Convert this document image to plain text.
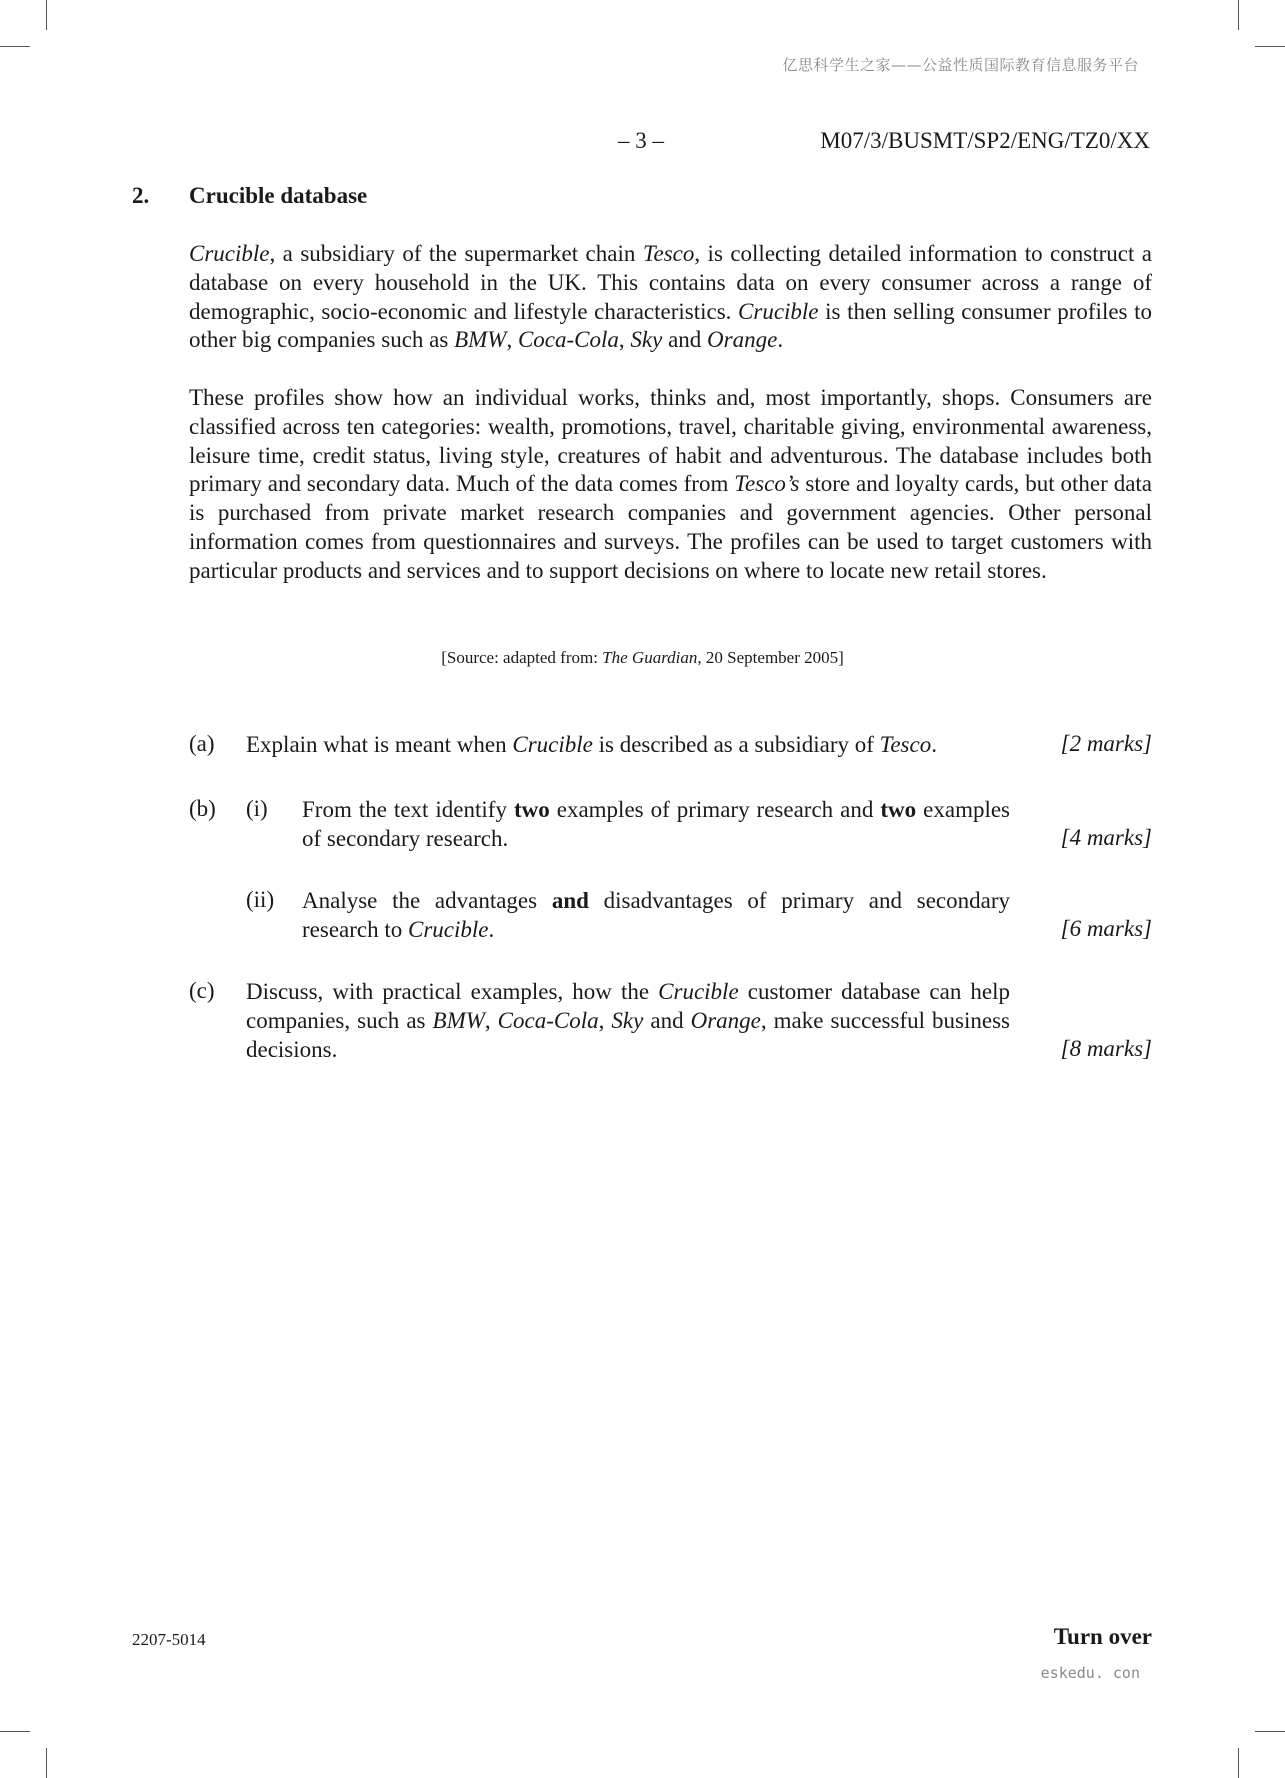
亿思科学生之家——公益性质国际教育信息服务平台
– 3 –	M07/3/BUSMT/SP2/ENG/TZ0/XX
2. Crucible database

Crucible, a subsidiary of the supermarket chain Tesco, is collecting detailed information to construct a database on every household in the UK. This contains data on every consumer across a range of demographic, socio-economic and lifestyle characteristics. Crucible is then selling consumer profiles to other big companies such as BMW, Coca-Cola, Sky and Orange.

These profiles show how an individual works, thinks and, most importantly, shops. Consumers are classified across ten categories: wealth, promotions, travel, charitable giving, environmental awareness, leisure time, credit status, living style, creatures of habit and adventurous. The database includes both primary and secondary data. Much of the data comes from Tesco’s store and loyalty cards, but other data is purchased from private market research companies and government agencies. Other personal information comes from questionnaires and surveys. The profiles can be used to target customers with particular products and services and to support decisions on where to locate new retail stores.

[Source: adapted from: The Guardian, 20 September 2005]
(a) Explain what is meant when Crucible is described as a subsidiary of Tesco.	[2 marks]
(b) (i) From the text identify two examples of primary research and two examples of secondary research.	[4 marks]
(ii) Analyse the advantages and disadvantages of primary and secondary research to Crucible.	[6 marks]
(c) Discuss, with practical examples, how the Crucible customer database can help companies, such as BMW, Coca-Cola, Sky and Orange, make successful business decisions.	[8 marks]
2207-5014	Turn over
eskedu. con
